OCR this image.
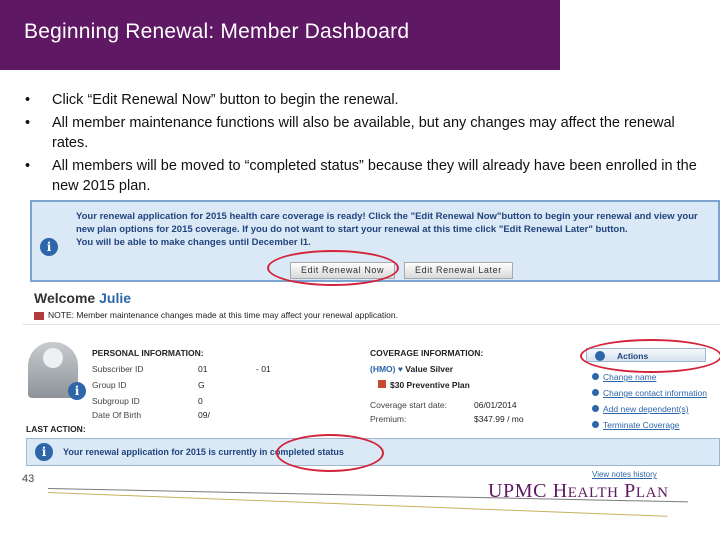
Beginning Renewal: Member Dashboard
• Click “Edit Renewal Now” button to begin the renewal.
• All member maintenance functions will also be available, but any changes may affect the renewal rates.
• All members will be moved to “completed status” because they will already have been enrolled in the new 2015 plan.
i
Your renewal application for 2015 health care coverage is ready! Click the "Edit Renewal Now"button to begin your renewal and view your new plan options for 2015 coverage. If you do not want to start your renewal at this time click "Edit Renewal Later" button.
You will be able to make changes until December l1.
Edit Renewal Now	Edit Renewal Later
Welcome Julie
NOTE: Member maintenance changes made at this time may affect your renewal application.
i
PERSONAL INFORMATION:
Subscriber ID	01	- 01
Group ID	G
Subgroup ID	0
Date Of Birth	09/
COVERAGE INFORMATION:
(HMO) ♥ Value Silver
$30 Preventive Plan
Coverage start date:	06/01/2014
Premium:	$347.99 / mo
Actions
Change name
Change contact information
Add new dependent(s)
Terminate Coverage
LAST ACTION:
i	Your renewal application for 2015 is currently in completed status
View notes history
43
UPMC HEALTH PLAN
